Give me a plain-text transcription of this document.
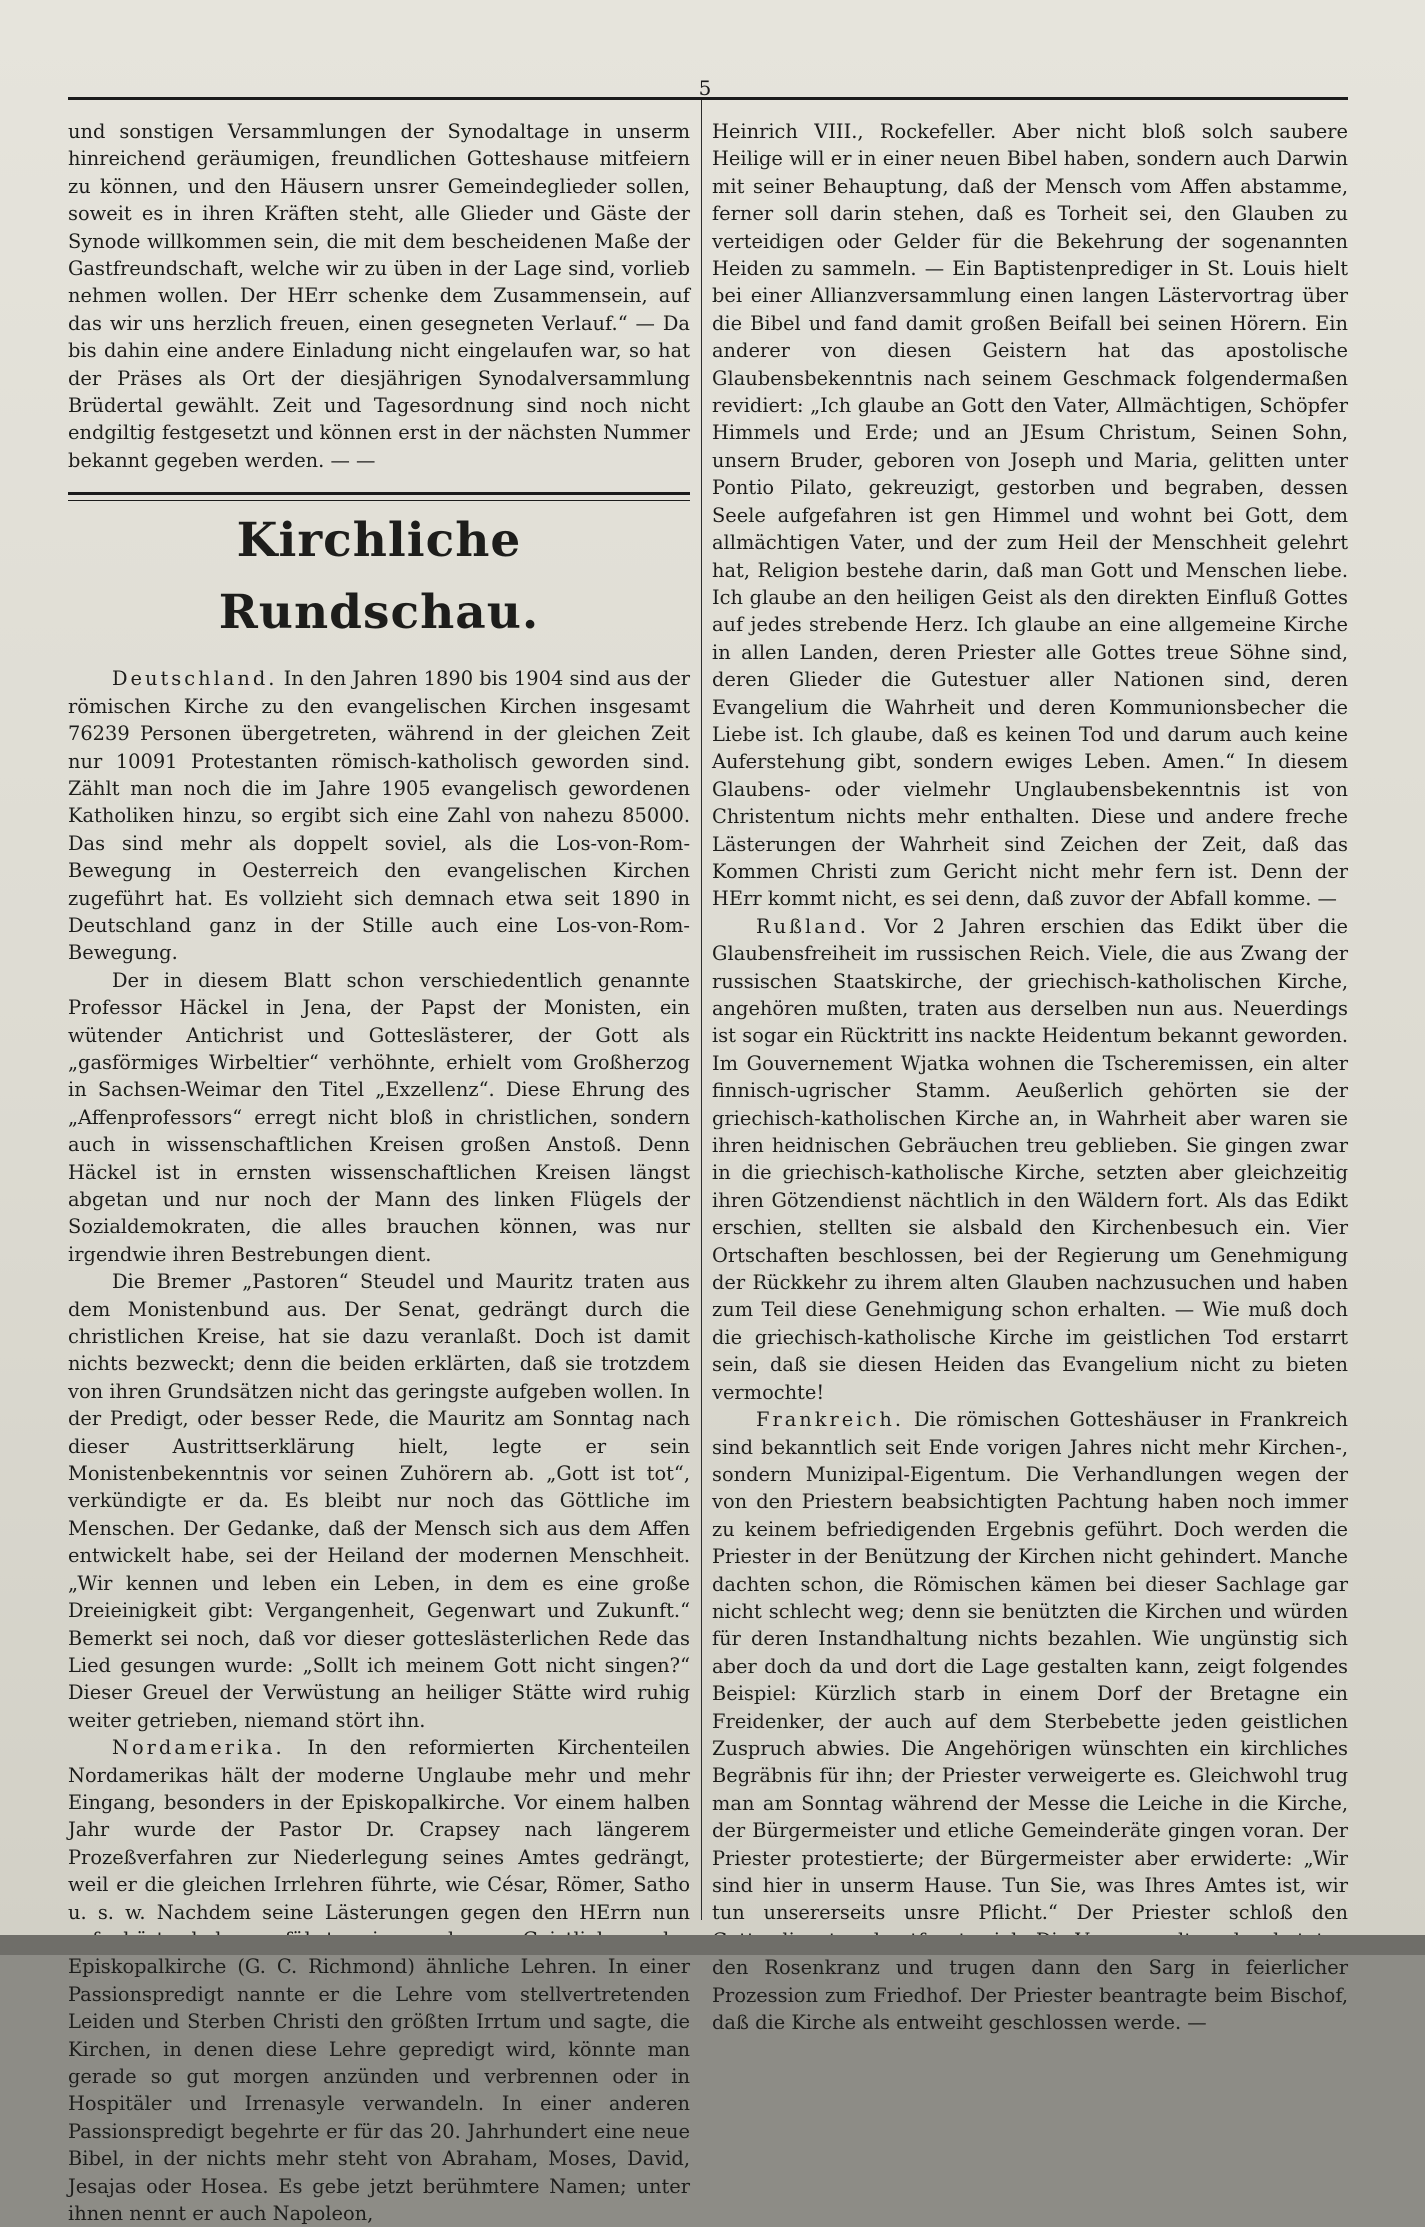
5

und sonstigen Versammlungen der Synodaltage in unserm hinreichend geräumigen, freundlichen Gotteshause mitfeiern zu können, und den Häusern unsrer Gemeindeglieder sollen, soweit es in ihren Kräften steht, alle Glieder und Gäste der Synode willkommen sein, die mit dem bescheidenen Maße der Gastfreundschaft, welche wir zu üben in der Lage sind, vorlieb nehmen wollen. Der HErr schenke dem Zusammensein, auf das wir uns herzlich freuen, einen gesegneten Verlauf.“ — Da bis dahin eine andere Einladung nicht eingelaufen war, so hat der Präses als Ort der diesjährigen Synodalversammlung Brüdertal gewählt. Zeit und Tagesordnung sind noch nicht endgiltig festgesetzt und können erst in der nächsten Nummer bekannt gegeben werden. — —

Kirchliche Rundschau.

Deutschland. In den Jahren 1890 bis 1904 sind aus der römischen Kirche zu den evangelischen Kirchen insgesamt 76239 Personen übergetreten, während in der gleichen Zeit nur 10091 Protestanten römisch-katholisch geworden sind. Zählt man noch die im Jahre 1905 evangelisch gewordenen Katholiken hinzu, so ergibt sich eine Zahl von nahezu 85000. Das sind mehr als doppelt soviel, als die Los-von-Rom-Bewegung in Oesterreich den evangelischen Kirchen zugeführt hat. Es vollzieht sich demnach etwa seit 1890 in Deutschland ganz in der Stille auch eine Los-von-Rom-Bewegung.

Der in diesem Blatt schon verschiedentlich genannte Professor Häckel in Jena, der Papst der Monisten, ein wütender Antichrist und Gotteslästerer, der Gott als „gasförmiges Wirbeltier“ verhöhnte, erhielt vom Großherzog in Sachsen-Weimar den Titel „Exzellenz“. Diese Ehrung des „Affenprofessors“ erregt nicht bloß in christlichen, sondern auch in wissenschaftlichen Kreisen großen Anstoß. Denn Häckel ist in ernsten wissenschaftlichen Kreisen längst abgetan und nur noch der Mann des linken Flügels der Sozialdemokraten, die alles brauchen können, was nur irgendwie ihren Bestrebungen dient.

Die Bremer „Pastoren“ Steudel und Mauritz traten aus dem Monistenbund aus. Der Senat, gedrängt durch die christlichen Kreise, hat sie dazu veranlaßt. Doch ist damit nichts bezweckt; denn die beiden erklärten, daß sie trotzdem von ihren Grundsätzen nicht das geringste aufgeben wollen. In der Predigt, oder besser Rede, die Mauritz am Sonntag nach dieser Austrittserklärung hielt, legte er sein Monistenbekenntnis vor seinen Zuhörern ab. „Gott ist tot“, verkündigte er da. Es bleibt nur noch das Göttliche im Menschen. Der Gedanke, daß der Mensch sich aus dem Affen entwickelt habe, sei der Heiland der modernen Menschheit. „Wir kennen und leben ein Leben, in dem es eine große Dreieinigkeit gibt: Vergangenheit, Gegenwart und Zukunft.“ Bemerkt sei noch, daß vor dieser gotteslästerlichen Rede das Lied gesungen wurde: „Sollt ich meinem Gott nicht singen?“ Dieser Greuel der Verwüstung an heiliger Stätte wird ruhig weiter getrieben, niemand stört ihn.

Nordamerika. In den reformierten Kirchenteilen Nordamerikas hält der moderne Unglaube mehr und mehr Eingang, besonders in der Episkopalkirche. Vor einem halben Jahr wurde der Pastor Dr. Crapsey nach längerem Prozeßverfahren zur Niederlegung seines Amtes gedrängt, weil er die gleichen Irrlehren führte, wie César, Römer, Satho u. s. w. Nachdem seine Lästerungen gegen den HErrn nun Episkopalkirche (G. C. Richmond) ähnliche Lehren. In einer Passionspredigt nannte er die Lehre vom stellvertretenden Leiden und Sterben Christi den größten Irrtum und sagte, die Kirchen, in denen diese Lehre gepredigt wird, könnte man gerade so gut morgen anzünden und verbrennen oder in Hospitäler und Irrenasyle verwandeln. In einer anderen Passionspredigt begehrte er für das 20. Jahrhundert eine neue Bibel, in der nichts mehr steht von Abraham, Moses, David, Jesajas oder Hosea. Es gebe jetzt berühmtere Namen; unter ihnen nennt er auch Napoleon,

Heinrich VIII., Rockefeller. Aber nicht bloß solch saubere Heilige will er in einer neuen Bibel haben, sondern auch Darwin mit seiner Behauptung, daß der Mensch vom Affen abstamme, ferner soll darin stehen, daß es Torheit sei, den Glauben zu verteidigen oder Gelder für die Bekehrung der sogenannten Heiden zu sammeln. — Ein Baptistenprediger in St. Louis hielt bei einer Allianzversammlung einen langen Lästervortrag über die Bibel und fand damit großen Beifall bei seinen Hörern. Ein anderer von diesen Geistern hat das apostolische Glaubensbekenntnis nach seinem Geschmack folgendermaßen revidiert: „Ich glaube an Gott den Vater, Allmächtigen, Schöpfer Himmels und Erde; und an JEsum Christum, Seinen Sohn, unsern Bruder, geboren von Joseph und Maria, gelitten unter Pontio Pilato, gekreuzigt, gestorben und begraben, dessen Seele aufgefahren ist gen Himmel und wohnt bei Gott, dem allmächtigen Vater, und der zum Heil der Menschheit gelehrt hat, Religion bestehe darin, daß man Gott und Menschen liebe. Ich glaube an den heiligen Geist als den direkten Einfluß Gottes auf jedes strebende Herz. Ich glaube an eine allgemeine Kirche in allen Landen, deren Priester alle Gottes treue Söhne sind, deren Glieder die Gutestuer aller Nationen sind, deren Evangelium die Wahrheit und deren Kommunionsbecher die Liebe ist. Ich glaube, daß es keinen Tod und darum auch keine Auferstehung gibt, sondern ewiges Leben. Amen.“ In diesem Glaubens- oder vielmehr Unglaubensbekenntnis ist von Christentum nichts mehr enthalten. Diese und andere freche Lästerungen der Wahrheit sind Zeichen der Zeit, daß das Kommen Christi zum Gericht nicht mehr fern ist. Denn der HErr kommt nicht, es sei denn, daß zuvor der Abfall komme. —

Rußland. Vor 2 Jahren erschien das Edikt über die Glaubensfreiheit im russischen Reich. Viele, die aus Zwang der russischen Staatskirche, der griechisch-katholischen Kirche, angehören mußten, traten aus derselben nun aus. Neuerdings ist sogar ein Rücktritt ins nackte Heidentum bekannt geworden. Im Gouvernement Wjatka wohnen die Tscheremissen, ein alter finnisch-ugrischer Stamm. Aeußerlich gehörten sie der griechisch-katholischen Kirche an, in Wahrheit aber waren sie ihren heidnischen Gebräuchen treu geblieben. Sie gingen zwar in die griechisch-katholische Kirche, setzten aber gleichzeitig ihren Götzendienst nächtlich in den Wäldern fort. Als das Edikt erschien, stellten sie alsbald den Kirchenbesuch ein. Vier Ortschaften beschlossen, bei der Regierung um Genehmigung der Rückkehr zu ihrem alten Glauben nachzusuchen und haben zum Teil diese Genehmigung schon erhalten. — Wie muß doch die griechisch-katholische Kirche im geistlichen Tod erstarrt sein, daß sie diesen Heiden das Evangelium nicht zu bieten vermochte!

Frankreich. Die römischen Gotteshäuser in Frankreich sind bekanntlich seit Ende vorigen Jahres nicht mehr Kirchen-, sondern Munizipal-Eigentum. Die Verhandlungen wegen der von den Priestern beabsichtigten Pachtung haben noch immer zu keinem befriedigenden Ergebnis geführt. Doch werden die Priester in der Benützung der Kirchen nicht gehindert. Manche dachten schon, die Römischen kämen bei dieser Sachlage gar nicht schlecht weg; denn sie benützten die Kirchen und würden für deren Instandhaltung nichts bezahlen. Wie ungünstig sich aber doch da und dort die Lage gestalten kann, zeigt folgendes Beispiel: Kürzlich starb in einem Dorf der Bretagne ein Freidenker, der auch auf dem Sterbebette jeden geistlichen Zuspruch abwies. Die Angehörigen wünschten ein kirchliches Begräbnis für ihn; der Priester verweigerte es. Gleichwohl trug man am Sonntag während der Messe die Leiche in die Kirche, der Bürgermeister und etliche Gemeinderäte gingen voran. Der Priester protestierte; der Bürgermeister aber erwiderte: „Wir sind hier in unserm Hause. Tun Sie, was Ihres Amtes ist, wir tun unsererseits unsre Pflicht.“ Der Priester schloß den den Rosenkranz und trugen dann den Sarg in feierlicher Prozession zum Friedhof. Der Priester beantragte beim Bischof, daß die Kirche als entweiht geschlossen werde. —
